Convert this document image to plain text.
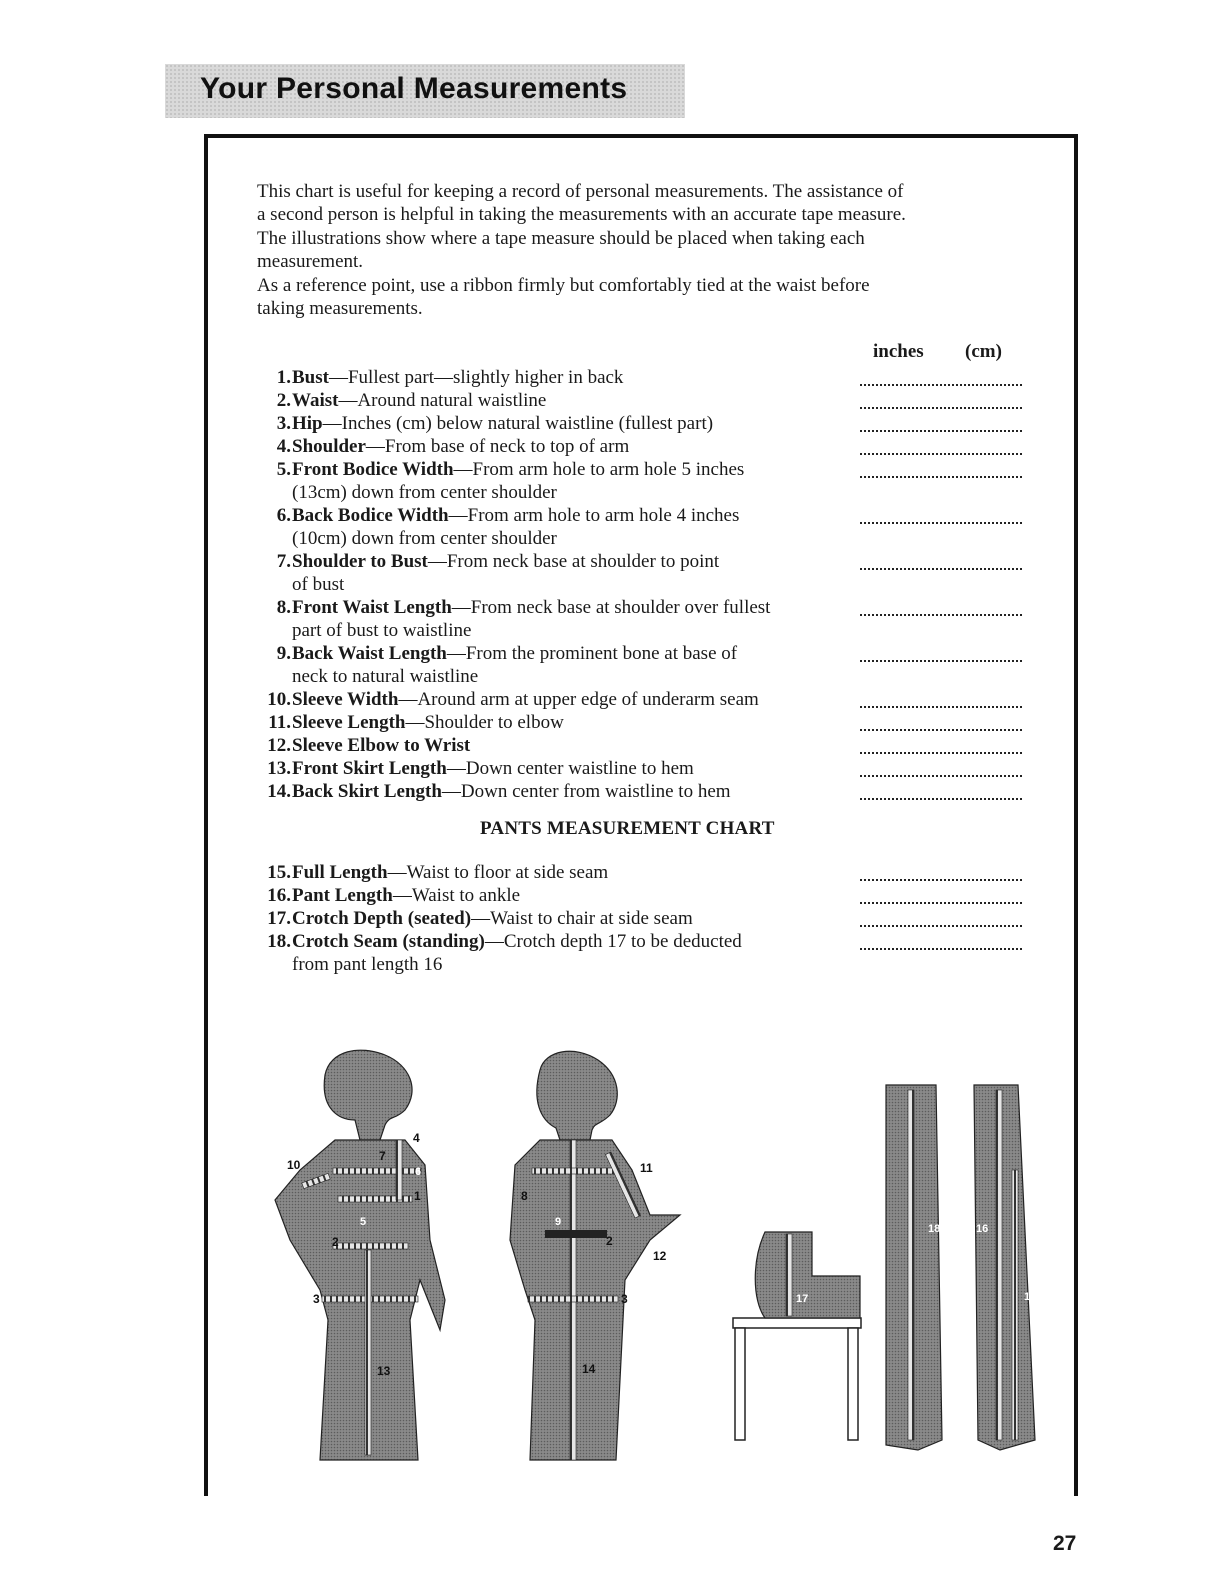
Your Personal Measurements

This chart is useful for keeping a record of personal measurements. The assistance of

a second person is helpful in taking the measurements with an accurate tape measure.

The illustrations show where a tape measure should be placed when taking each

measurement.

As a reference point, use a ribbon firmly but comfortably tied at the waist before

taking measurements.

inches (cm)
1. Bust—Fullest part—slightly higher in back
2. Waist—Around natural waistline
3. Hip—Inches (cm) below natural waistline (fullest part)
4. Shoulder—From base of neck to top of arm
5. Front Bodice Width—From arm hole to arm hole 5 inches
(13cm) down from center shoulder
6. Back Bodice Width—From arm hole to arm hole 4 inches
(10cm) down from center shoulder
7. Shoulder to Bust—From neck base at shoulder to point
of bust
8. Front Waist Length—From neck base at shoulder over fullest
part of bust to waistline
9. Back Waist Length—From the prominent bone at base of
neck to natural waistline
10. Sleeve Width—Around arm at upper edge of underarm seam
11. Sleeve Length—Shoulder to elbow
12. Sleeve Elbow to Wrist
13. Front Skirt Length—Down center waistline to hem
14. Back Skirt Length—Down center from waistline to hem
PANTS MEASUREMENT CHART
15. Full Length—Waist to floor at side seam
16. Pant Length—Waist to ankle
17. Crotch Depth (seated)—Waist to chair at side seam
18. Crotch Seam (standing)—Crotch depth 17 to be deducted
from pant length 16
10
4
7
6
5
1
2
3
13
11
8
9
2
12
3
14
17
18	16
15
27
